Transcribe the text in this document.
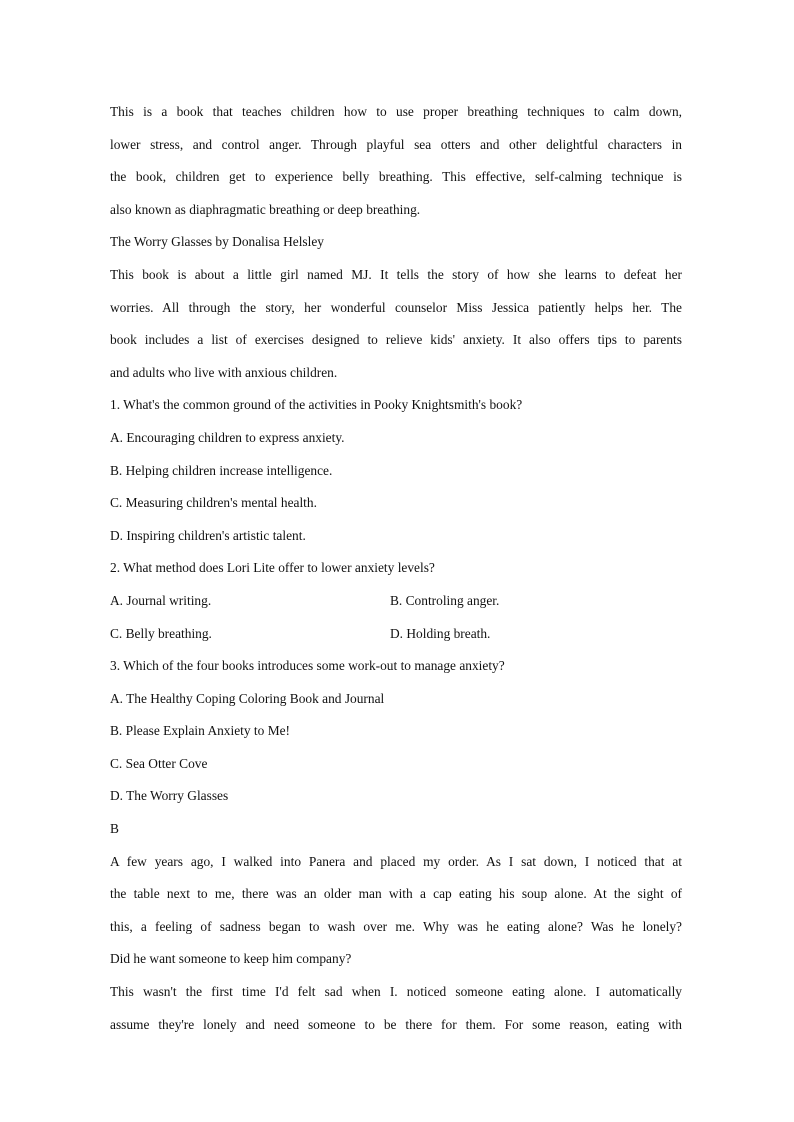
This is a book that teaches children how to use proper breathing techniques to calm down,
lower stress, and control anger. Through playful sea otters and other delightful characters in
the book, children get to experience belly breathing. This effective, self-calming technique is
also known as diaphragmatic breathing or deep breathing.
The Worry Glasses by Donalisa Helsley
This book is about a little girl named MJ. It tells the story of how she learns to defeat her
worries. All through the story, her wonderful counselor Miss Jessica patiently helps her. The
book includes a list of exercises designed to relieve kids' anxiety. It also offers tips to parents
and adults who live with anxious children.
1. What's the common ground of the activities in Pooky Knightsmith's book?
A. Encouraging children to express anxiety.
B. Helping children increase intelligence.
C. Measuring children's mental health.
D. Inspiring children's artistic talent.
2. What method does Lori Lite offer to lower anxiety levels?
A. Journal writing.	B. Controling anger.
C. Belly breathing.	D. Holding breath.
3. Which of the four books introduces some work-out to manage anxiety?
A. The Healthy Coping Coloring Book and Journal
B. Please Explain Anxiety to Me!
C. Sea Otter Cove
D. The Worry Glasses
B
A few years ago, I walked into Panera and placed my order. As I sat down, I noticed that at
the table next to me, there was an older man with a cap eating his soup alone. At the sight of
this, a feeling of sadness began to wash over me. Why was he eating alone? Was he lonely?
Did he want someone to keep him company?
This wasn't the first time I'd felt sad when I. noticed someone eating alone. I automatically
assume they're lonely and need someone to be there for them. For some reason, eating with
